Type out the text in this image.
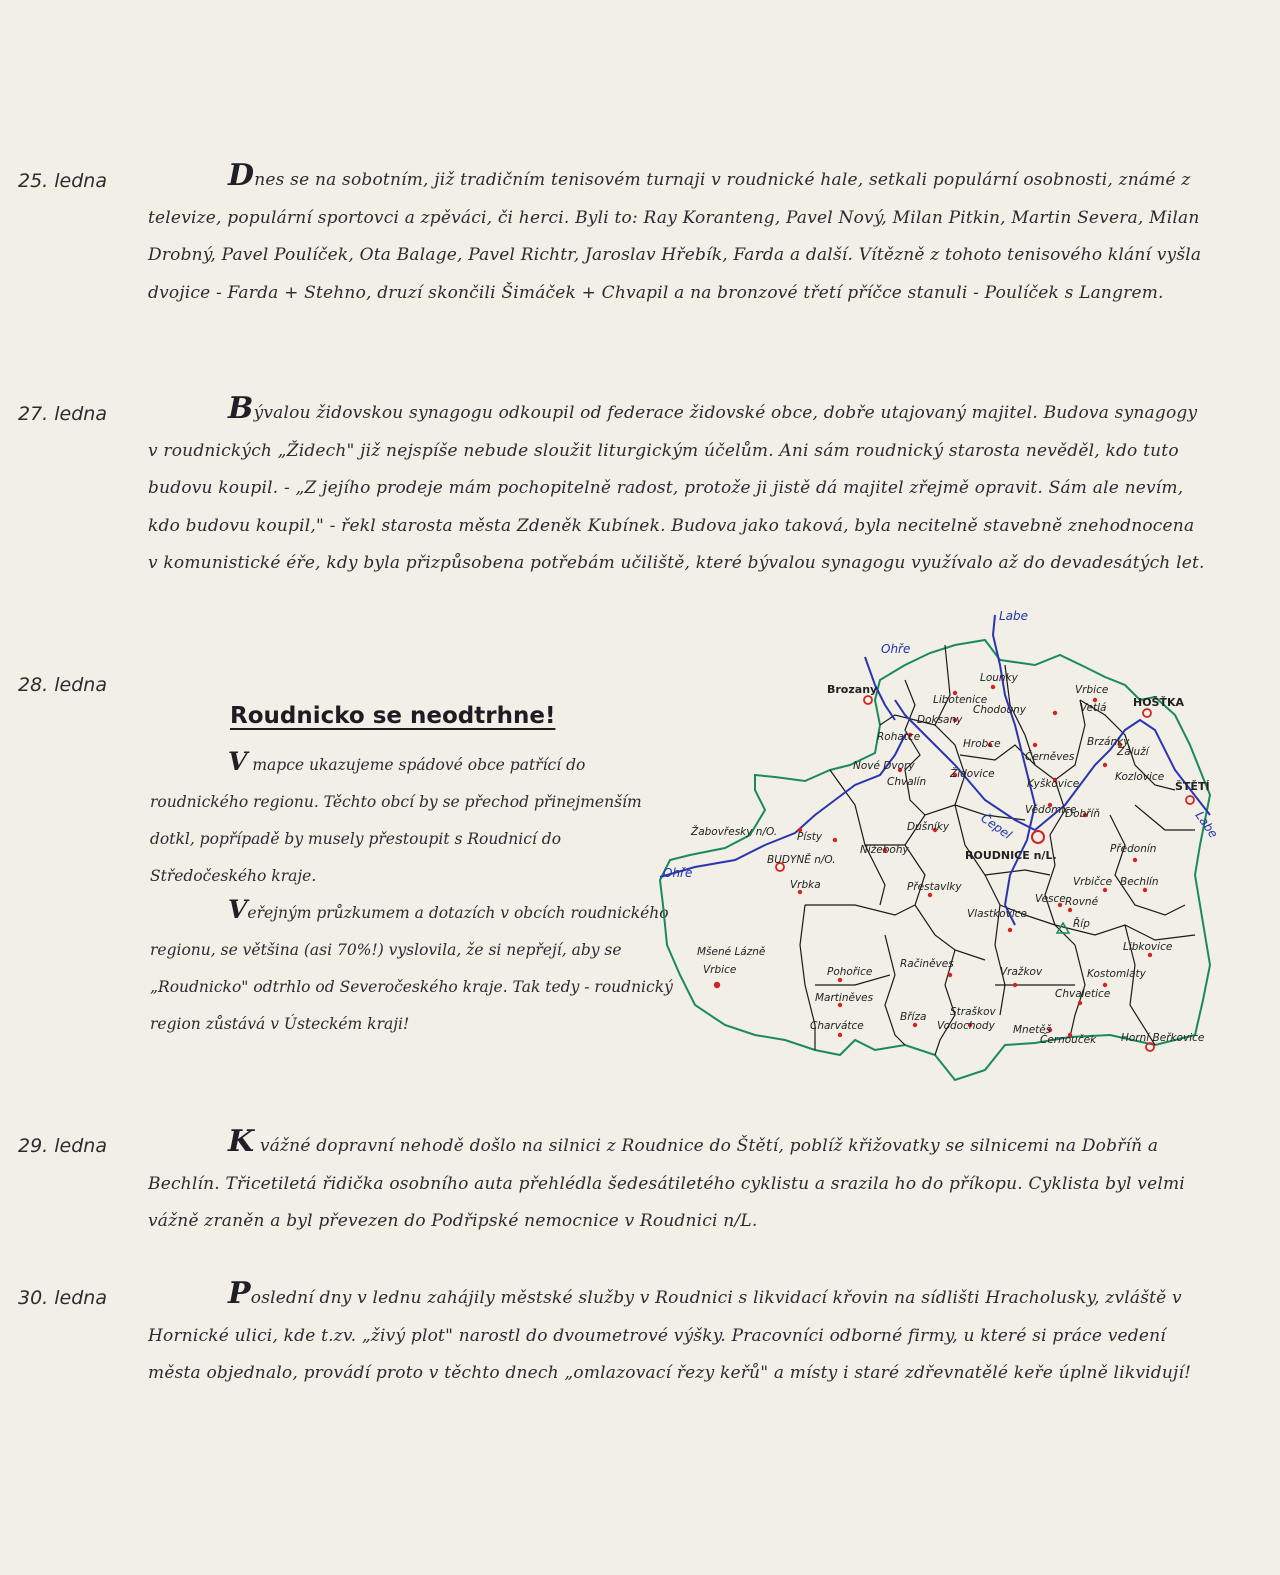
25. ledna	Dnes se na sobotním, již tradičním tenisovém turnaji v roudnické hale, setkali populární osobnosti, známé z televize, populární sportovci a zpěváci, či herci. Byli to: Ray Koranteng, Pavel Nový, Milan Pitkin, Martin Severa, Milan Drobný, Pavel Poulíček, Ota Balage, Pavel Richtr, Jaroslav Hřebík, Farda a další. Vítězně z tohoto tenisového klání vyšla dvojice - Farda + Stehno, druzí skončili Šimáček + Chvapil a na bronzové třetí příčce stanuli - Poulíček s Langrem.
27. ledna	Bývalou židovskou synagogu odkoupil od federace židovské obce, dobře utajovaný majitel. Budova synagogy v roudnických „Židech" již nejspíše nebude sloužit liturgickým účelům. Ani sám roudnický starosta nevěděl, kdo tuto budovu koupil. - „Z jejího prodeje mám pochopitelně radost, protože ji jistě dá majitel zřejmě opravit. Sám ale nevím, kdo budovu koupil," - řekl starosta města Zdeněk Kubínek. Budova jako taková, byla necitelně stavebně znehodnocena v komunistické éře, kdy byla přizpůsobena potřebám učiliště, které bývalou synagogu využívalo až do devadesátých let.
28. ledna
Roudnicko se neodtrhne!

V mapce ukazujeme spádové obce patřící do roudnického regionu. Těchto obcí by se přechod přinejmenším dotkl, popřípadě by musely přestoupit s Roudnicí do Středočeského kraje.

Veřejným průzkumem a dotazích v obcích roudnického regionu, se většina (asi 70%!) vyslovila, že si nepřejí, aby se „Roudnicko" odtrhlo od Severočeského kraje. Tak tedy - roudnický region zůstává v Ústeckém kraji!

Labe
Ohře
Ohře
Čepel	Labe
Lounky
Vrbice
HOŠŤKA
Brozany
Libotenice
Chodouny	Vetlá
Doksany
Hrobce
Rohatce
Nové Dvory
Chvalín
Židovice
Černěves
Kyškovice
Brzánky
Záluží
Kozlovice
ŠTĚTÍ
Vědomice
Dobříň
Žabovřesky n/O. Písty
BUDYNĚ n/O.
Dušníky
Nížebohy	ROUDNICE n/L.	Předonín
Vrbka	Přestavlky	Vrbičce Bechlín
Vesce Rovné
Říp
Mšené Lázně
Vrbice
Vlastkovice
Libkovice
Račiněves
Pohořice	Vražkov	Kostomlaty
Martiněves	Chvaletice
Charvátce
Bříza Straškov
Vodochody Mnetěš
Černouček Horní Beřkovice
29. ledna	K vážné dopravní nehodě došlo na silnici z Roudnice do Štětí, poblíž křižovatky se silnicemi na Dobříň a Bechlín. Třicetiletá řidička osobního auta přehlédla šedesátiletého cyklistu a srazila ho do příkopu. Cyklista byl velmi vážně zraněn a byl převezen do Podřipské nemocnice v Roudnici n/L.
30. ledna	Poslední dny v lednu zahájily městské služby v Roudnici s likvidací křovin na sídlišti Hracholusky, zvláště v Hornické ulici, kde t.zv. „živý plot" narostl do dvoumetrové výšky. Pracovníci odborné firmy, u které si práce vedení města objednalo, provádí proto v těchto dnech „omlazovací řezy keřů" a místy i staré zdřevnatělé keře úplně likvidují!
